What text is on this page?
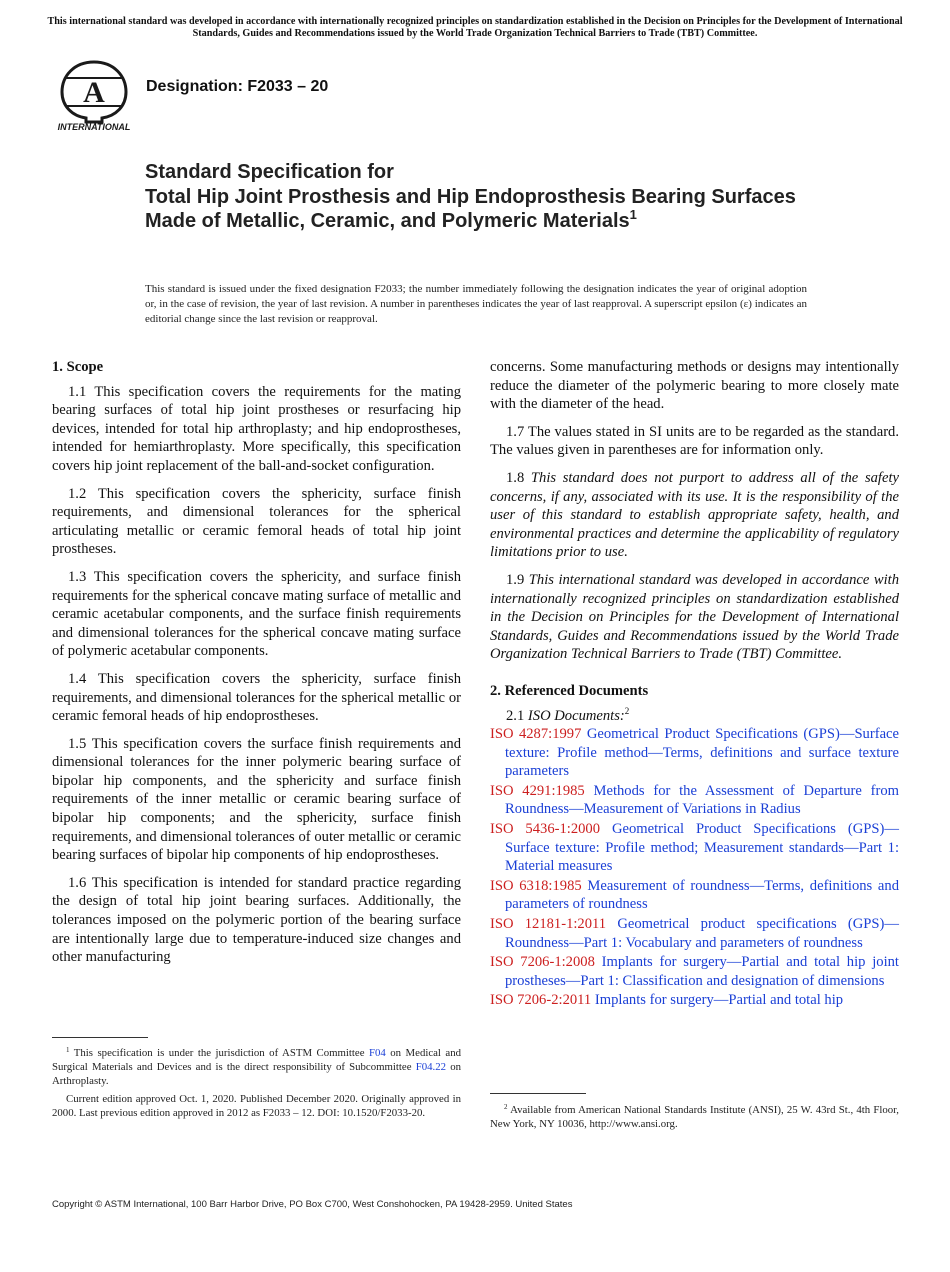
This international standard was developed in accordance with internationally recognized principles on standardization established in the Decision on Principles for the Development of International Standards, Guides and Recommendations issued by the World Trade Organization Technical Barriers to Trade (TBT) Committee.
A
INTERNATIONAL
Designation: F2033 – 20
Standard Specification for
Total Hip Joint Prosthesis and Hip Endoprosthesis Bearing Surfaces Made of Metallic, Ceramic, and Polymeric Materials$^1$
This standard is issued under the fixed designation F2033; the number immediately following the designation indicates the year of original adoption or, in the case of revision, the year of last revision. A number in parentheses indicates the year of last reapproval. A superscript epsilon (ε) indicates an editorial change since the last revision or reapproval.
1. Scope

1.1 This specification covers the requirements for the mating bearing surfaces of total hip joint prostheses or resurfacing hip devices, intended for total hip arthroplasty; and hip endoprostheses, intended for hemiarthroplasty. More specifically, this specification covers hip joint replacement of the ball-and-socket configuration.

1.2 This specification covers the sphericity, surface finish requirements, and dimensional tolerances for the spherical articulating metallic or ceramic femoral heads of total hip joint prostheses.

1.3 This specification covers the sphericity, and surface finish requirements for the spherical concave mating surface of metallic and ceramic acetabular components, and the surface finish requirements and dimensional tolerances for the spherical concave mating surface of polymeric acetabular components.

1.4 This specification covers the sphericity, surface finish requirements, and dimensional tolerances for the spherical metallic or ceramic femoral heads of hip endoprostheses.

1.5 This specification covers the surface finish requirements and dimensional tolerances for the inner polymeric bearing surface of bipolar hip components, and the sphericity and surface finish requirements of the inner metallic or ceramic bearing surface of bipolar hip components; and the sphericity, surface finish requirements, and dimensional tolerances of outer metallic or ceramic bearing surfaces of bipolar hip components of hip endoprostheses.

1.6 This specification is intended for standard practice regarding the design of total hip joint bearing surfaces. Additionally, the tolerances imposed on the polymeric portion of the bearing surface are intentionally large due to temperature-induced size changes and other manufacturing

concerns. Some manufacturing methods or designs may intentionally reduce the diameter of the polymeric bearing to more closely mate with the diameter of the head.

1.7 The values stated in SI units are to be regarded as the standard. The values given in parentheses are for information only.

1.8 This standard does not purport to address all of the safety concerns, if any, associated with its use. It is the responsibility of the user of this standard to establish appropriate safety, health, and environmental practices and determine the applicability of regulatory limitations prior to use.

1.9 This international standard was developed in accordance with internationally recognized principles on standardization established in the Decision on Principles for the Development of International Standards, Guides and Recommendations issued by the World Trade Organization Technical Barriers to Trade (TBT) Committee.

2. Referenced Documents
2.1 ISO Documents:$^2$
ISO 4287:1997 Geometrical Product Specifications (GPS)—Surface texture: Profile method—Terms, definitions and surface texture parameters
ISO 4291:1985 Methods for the Assessment of Departure from Roundness—Measurement of Variations in Radius
ISO 5436-1:2000 Geometrical Product Specifications (GPS)—Surface texture: Profile method; Measurement standards—Part 1: Material measures
ISO 6318:1985 Measurement of roundness—Terms, definitions and parameters of roundness
ISO 12181-1:2011 Geometrical product specifications (GPS)—Roundness—Part 1: Vocabulary and parameters of roundness
ISO 7206-1:2008 Implants for surgery—Partial and total hip joint prostheses—Part 1: Classification and designation of dimensions
ISO 7206-2:2011 Implants for surgery—Partial and total hip

$^1$ This specification is under the jurisdiction of ASTM Committee F04 on Medical and Surgical Materials and Devices and is the direct responsibility of Subcommittee F04.22 on Arthroplasty.

Current edition approved Oct. 1, 2020. Published December 2020. Originally approved in 2000. Last previous edition approved in 2012 as F2033 – 12. DOI: 10.1520/F2033-20.	$^2$ Available from American National Standards Institute (ANSI), 25 W. 43rd St., 4th Floor, New York, NY 10036, http://www.ansi.org.

Copyright © ASTM International, 100 Barr Harbor Drive, PO Box C700, West Conshohocken, PA 19428-2959. United States
